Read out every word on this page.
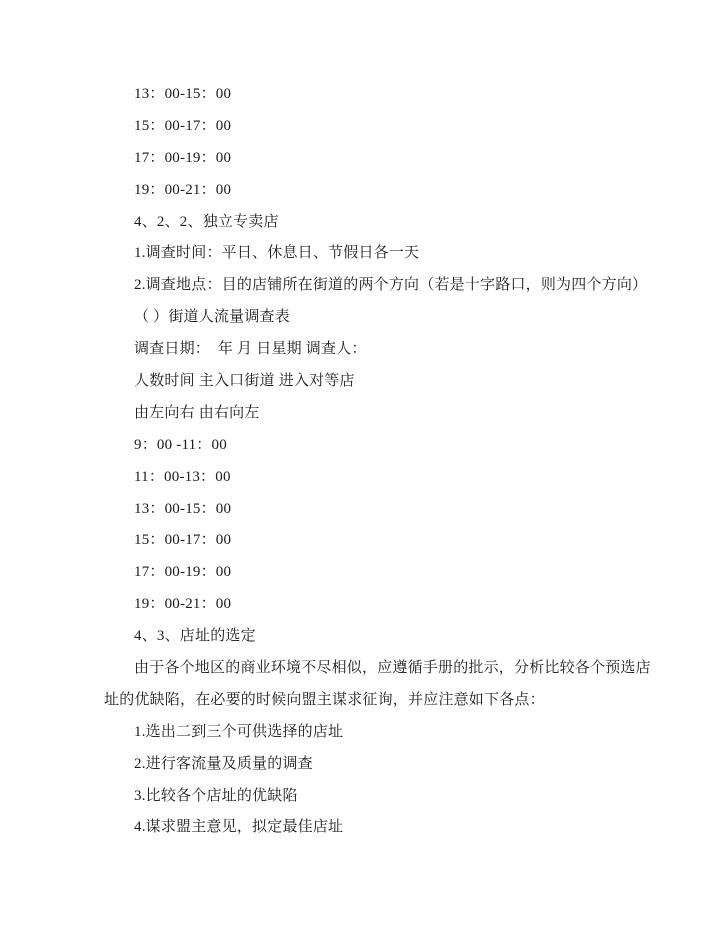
13：00-15：00
15：00-17：00
17：00-19：00
19：00-21：00
4、2、2、独立专卖店
1.调查时间：平日、休息日、节假日各一天
2.调查地点：目的店铺所在街道的两个方向（若是十字路口，则为四个方向）
（ ）街道人流量调查表
调查日期：  年 月 日星期 调查人：
人数时间 主入口街道 进入对等店
由左向右 由右向左
9：00 -11：00
11：00-13：00
13：00-15：00
15：00-17：00
17：00-19：00
19：00-21：00
4、3、店址的选定
由于各个地区的商业环境不尽相似，应遵循手册的批示，分析比较各个预选店
址的优缺陷，在必要的时候向盟主谋求征询，并应注意如下各点：
1.选出二到三个可供选择的店址
2.进行客流量及质量的调查
3.比较各个店址的优缺陷
4.谋求盟主意见，拟定最佳店址
